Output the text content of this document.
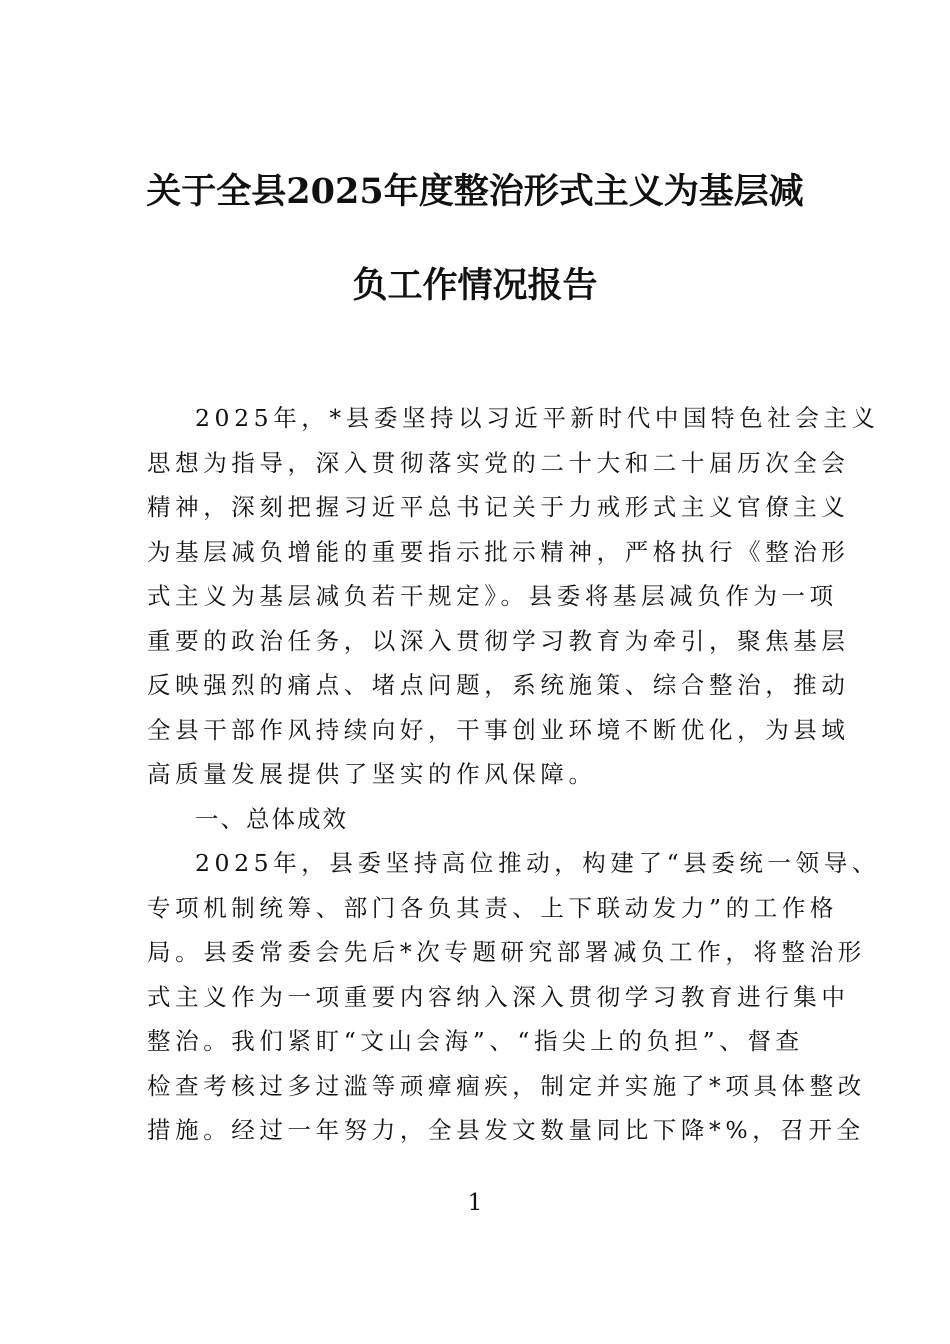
关于全县2025年度整治形式主义为基层减
负工作情况报告
2025年，*县委坚持以习近平新时代中国特色社会主义
思想为指导，深入贯彻落实党的二十大和二十届历次全会
精神，深刻把握习近平总书记关于力戒形式主义官僚主义
为基层减负增能的重要指示批示精神，严格执行《整治形
式主义为基层减负若干规定》。县委将基层减负作为一项
重要的政治任务，以深入贯彻学习教育为牵引，聚焦基层
反映强烈的痛点、堵点问题，系统施策、综合整治，推动
全县干部作风持续向好，干事创业环境不断优化，为县域
高质量发展提供了坚实的作风保障。
一、总体成效
2025年，县委坚持高位推动，构建了“县委统一领导、
专项机制统筹、部门各负其责、上下联动发力”的工作格
局。县委常委会先后*次专题研究部署减负工作，将整治形
式主义作为一项重要内容纳入深入贯彻学习教育进行集中
整治。我们紧盯“文山会海”、“指尖上的负担”、督查
检查考核过多过滥等顽瘴痼疾，制定并实施了*项具体整改
措施。经过一年努力，全县发文数量同比下降*%，召开全
1
